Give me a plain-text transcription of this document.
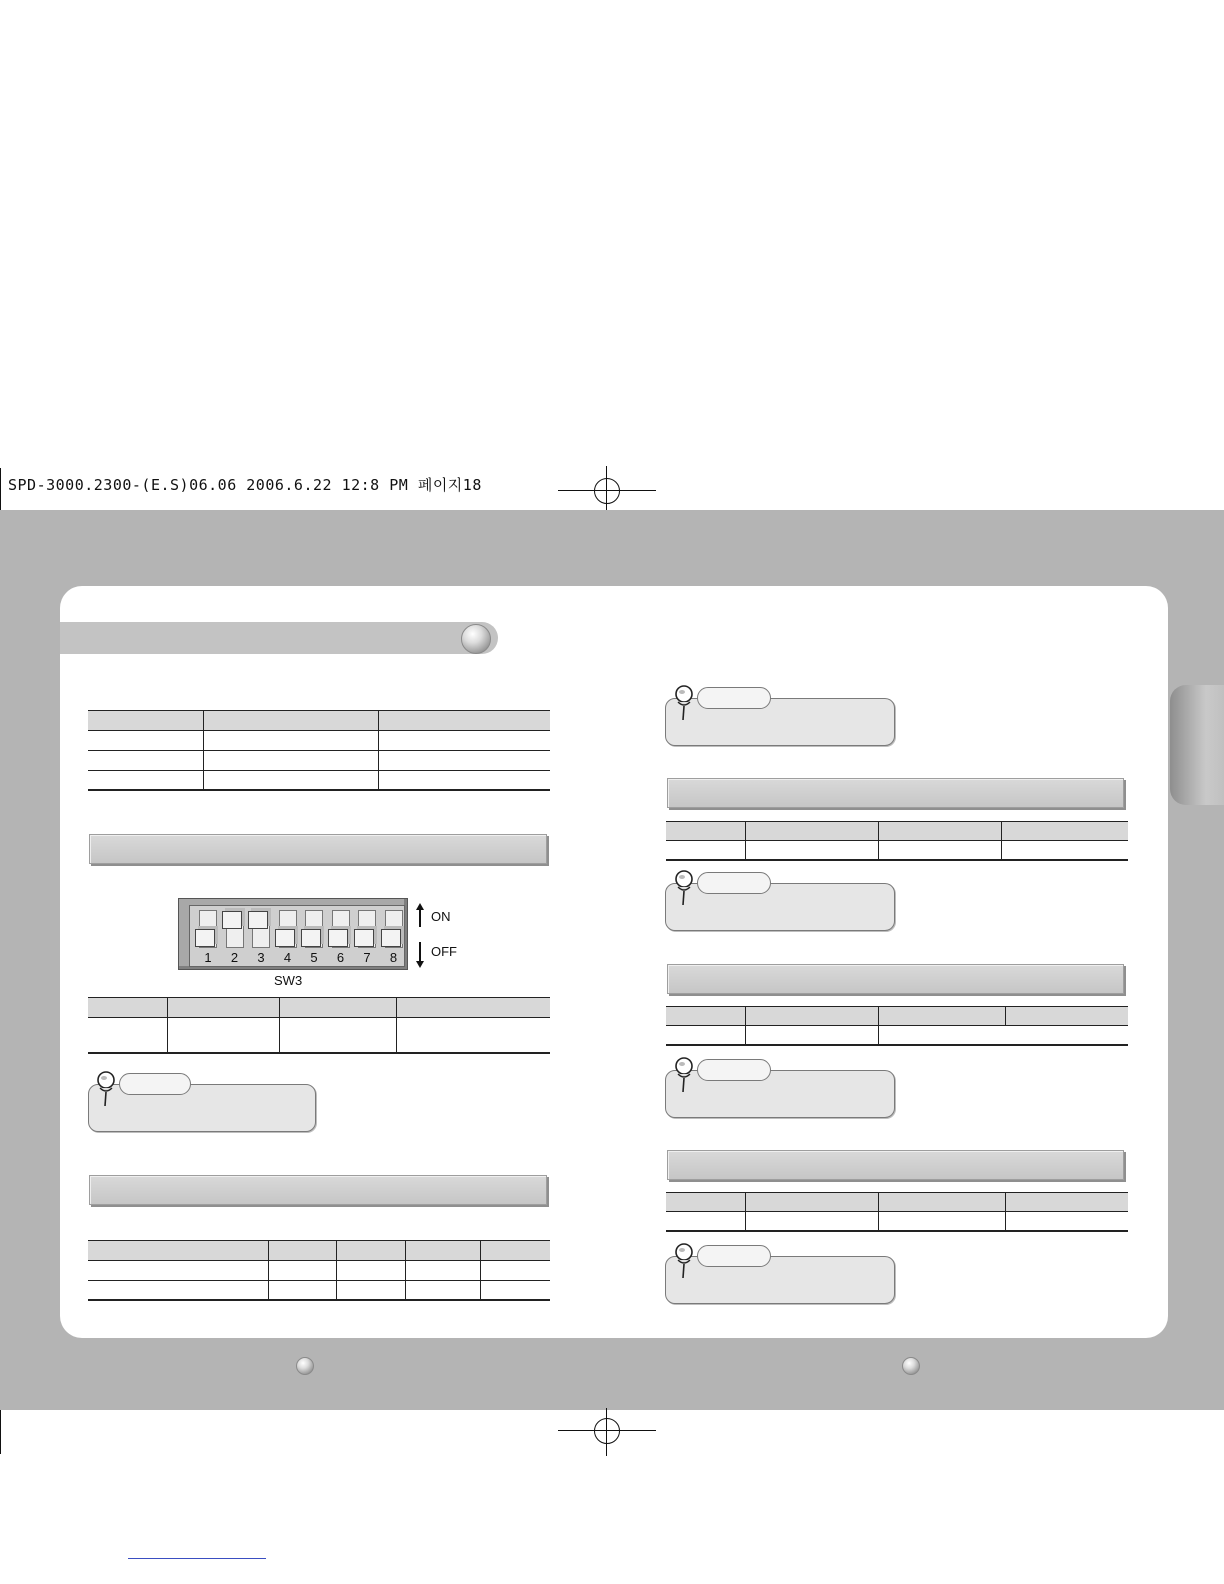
SPD-3000.2300-(E.S)06.06 2006.6.22 12:8 PM 페이지18

1	2	3	4	5	6	7	8
ON
OFF
SW3
